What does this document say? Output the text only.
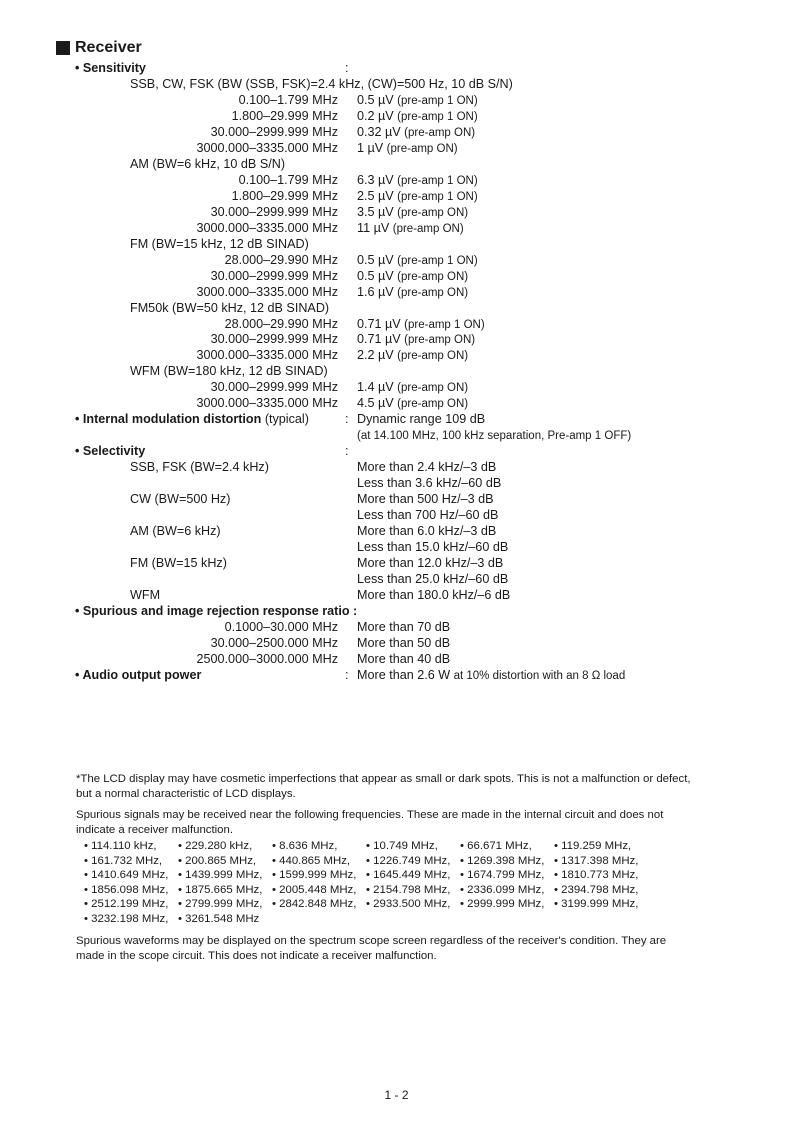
Receiver
• Sensitivity	:
SSB, CW, FSK (BW (SSB, FSK)=2.4 kHz, (CW)=500 Hz, 10 dB S/N)
0.100–1.799 MHz 0.5 µV (pre-amp 1 ON)
1.800–29.999 MHz 0.2 µV (pre-amp 1 ON)
30.000–2999.999 MHz 0.32 µV (pre-amp ON)
3000.000–3335.000 MHz 1 µV (pre-amp ON)
AM (BW=6 kHz, 10 dB S/N)
0.100–1.799 MHz 6.3 µV (pre-amp 1 ON)
1.800–29.999 MHz 2.5 µV (pre-amp 1 ON)
30.000–2999.999 MHz 3.5 µV (pre-amp ON)
3000.000–3335.000 MHz 11 µV (pre-amp ON)
FM (BW=15 kHz, 12 dB SINAD)
28.000–29.990 MHz 0.5 µV (pre-amp 1 ON)
30.000–2999.999 MHz 0.5 µV (pre-amp ON)
3000.000–3335.000 MHz 1.6 µV (pre-amp ON)
FM50k (BW=50 kHz, 12 dB SINAD)
28.000–29.990 MHz 0.71 µV (pre-amp 1 ON)
30.000–2999.999 MHz 0.71 µV (pre-amp ON)
3000.000–3335.000 MHz 2.2 µV (pre-amp ON)
WFM (BW=180 kHz, 12 dB SINAD)
30.000–2999.999 MHz 1.4 µV (pre-amp ON)
3000.000–3335.000 MHz 4.5 µV (pre-amp ON)
• Internal modulation distortion (typical)	: Dynamic range 109 dB
(at 14.100 MHz, 100 kHz separation, Pre-amp 1 OFF)
• Selectivity	:
SSB, FSK (BW=2.4 kHz)	More than 2.4 kHz/–3 dB
Less than 3.6 kHz/–60 dB
CW (BW=500 Hz)	More than 500 Hz/–3 dB
Less than 700 Hz/–60 dB
AM (BW=6 kHz)	More than 6.0 kHz/–3 dB
Less than 15.0 kHz/–60 dB
FM (BW=15 kHz)	More than 12.0 kHz/–3 dB
Less than 25.0 kHz/–60 dB
WFM	More than 180.0 kHz/–6 dB
• Spurious and image rejection response ratio :
0.1000–30.000 MHz More than 70 dB
30.000–2500.000 MHz More than 50 dB
2500.000–3000.000 MHz More than 40 dB
• Audio output power	: More than 2.6 W at 10% distortion with an 8 Ω load

*The LCD display may have cosmetic imperfections that appear as small or dark spots. This is not a malfunction or defect, but a normal characteristic of LCD displays.

Spurious signals may be received near the following frequencies. These are made in the internal circuit and does not indicate a receiver malfunction.

• 114.110 kHz,	• 229.280 kHz,	• 8.636 MHz,	• 10.749 MHz,	• 66.671 MHz,	• 119.259 MHz,
• 161.732 MHz,	• 200.865 MHz,	• 440.865 MHz,	• 1226.749 MHz, • 1269.398 MHz, • 1317.398 MHz,
• 1410.649 MHz, • 1439.999 MHz, • 1599.999 MHz, • 1645.449 MHz, • 1674.799 MHz, • 1810.773 MHz,
• 1856.098 MHz, • 1875.665 MHz, • 2005.448 MHz, • 2154.798 MHz, • 2336.099 MHz, • 2394.798 MHz,
• 2512.199 MHz, • 2799.999 MHz, • 2842.848 MHz, • 2933.500 MHz, • 2999.999 MHz, • 3199.999 MHz,
• 3232.198 MHz, • 3261.548 MHz

Spurious waveforms may be displayed on the spectrum scope screen regardless of the receiver's condition. They are made in the scope circuit. This does not indicate a receiver malfunction.

1 - 2
